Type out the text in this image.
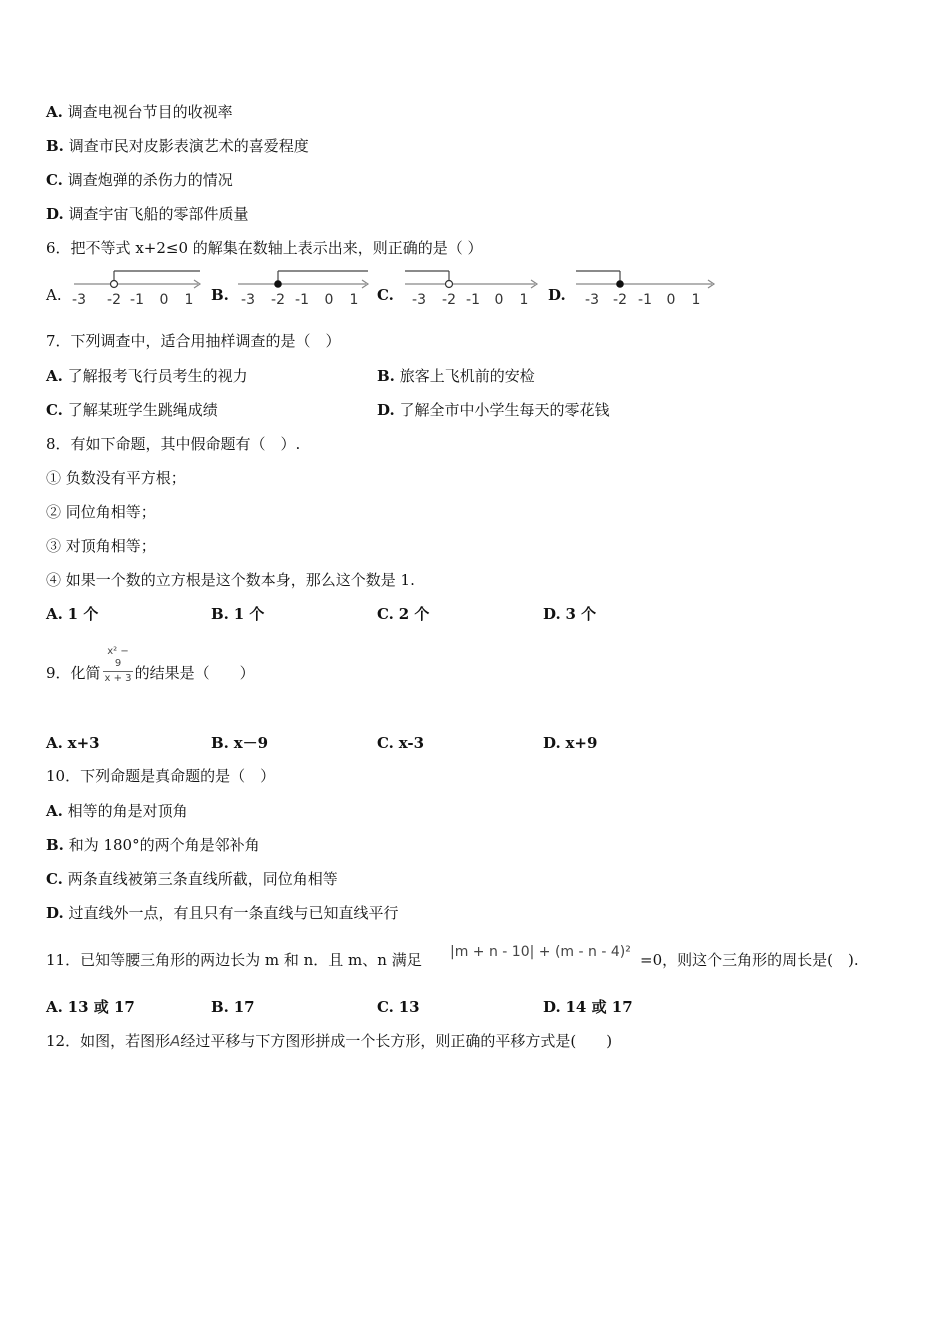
A. 调查电视台节目的收视率
B. 调查市民对皮影表演艺术的喜爱程度
C. 调查炮弹的杀伤力的情况
D. 调查宇宙飞船的零部件质量
6．把不等式 x+2≤0 的解集在数轴上表示出来，则正确的是（ ）
A. -3 -2 -1 0 1 B. -3 -2 -1 0 1 C. -3 -2 -1 0 1 D. -3 -2 -1 0 1
7．下列调查中，适合用抽样调查的是（　）
A. 了解报考飞行员考生的视力	B. 旅客上飞机前的安检
C. 了解某班学生跳绳成绩	D. 了解全市中小学生每天的零花钱
8．有如下命题，其中假命题有（　）.
① 负数没有平方根；
② 同位角相等；
③ 对顶角相等；
④ 如果一个数的立方根是这个数本身，那么这个数是 1.
A. 1 个	B. 1 个	C. 2 个	D. 3 个
9．化简 的结果是（　　）
x² − 9
x + 3
A. x+3	B. x－9	C. x-3	D. x+9
10．下列命题是真命题的是（　）
A. 相等的角是对顶角
B. 和为 180°的两个角是邻补角
C. 两条直线被第三条直线所截，同位角相等
D. 过直线外一点，有且只有一条直线与已知直线平行
11．已知等腰三角形的两边长为 m 和 n．且 m、n 满足 |m + n - 10| + (m - n - 4)² =0，则这个三角形的周长是(　).
A. 13 或 17	B. 17	C. 13	D. 14 或 17
12．如图，若图形A经过平移与下方图形拼成一个长方形，则正确的平移方式是(　　)
